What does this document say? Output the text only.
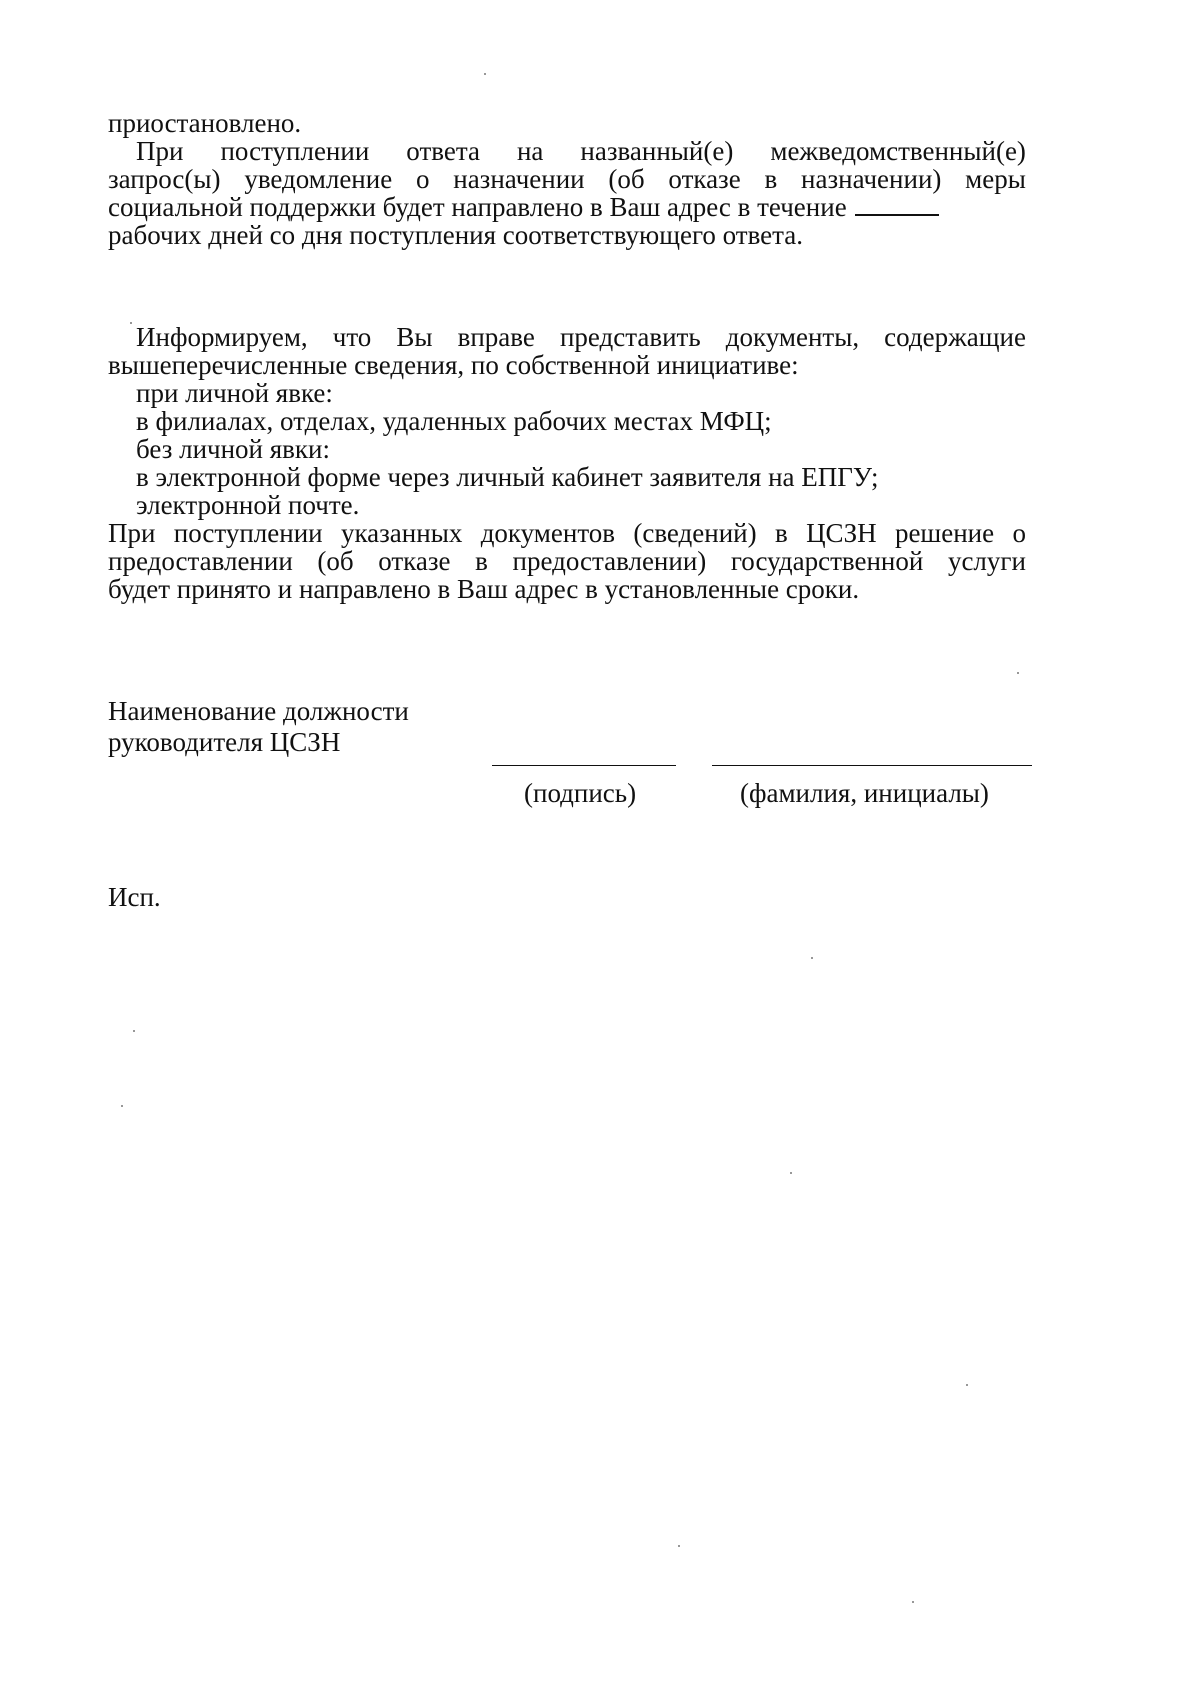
приостановлено.
При поступлении ответа на названный(е) межведомственный(е)
запрос(ы) уведомление о назначении (об отказе в назначении) меры
социальной поддержки будет направлено в Ваш адрес в течение
рабочих дней со дня поступления соответствующего ответа.
Информируем, что Вы вправе представить документы, содержащие
вышеперечисленные сведения, по собственной инициативе:
при личной явке:
в филиалах, отделах, удаленных рабочих местах МФЦ;
без личной явки:
в электронной форме через личный кабинет заявителя на ЕПГУ;
электронной почте.
При поступлении указанных документов (сведений) в ЦСЗН решение о
предоставлении (об отказе в предоставлении) государственной услуги
будет принято и направлено в Ваш адрес в установленные сроки.
Наименование должности
руководителя ЦСЗН
(подпись)	(фамилия, инициалы)
Исп.
